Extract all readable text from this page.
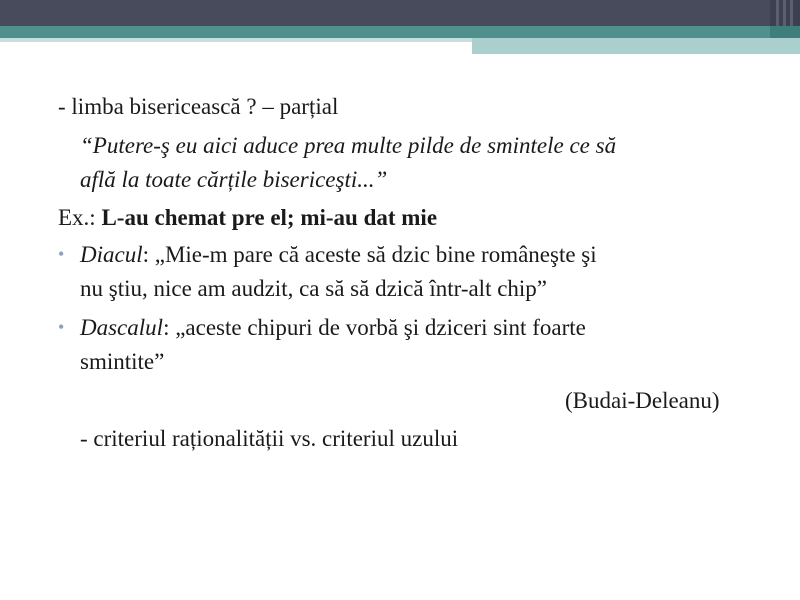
- limba bisericească ? – parțial
“Putere-ş eu aici aduce prea multe pilde de smintele ce să
află la toate cărțile bisericeşti...”
Ex.: L-au chemat pre el; mi-au dat mie
• Diacul: „Mie-m pare că aceste să dzic bine româneşte şi
nu ştiu, nice am audzit, ca să să dzică într-alt chip”
• Dascalul: „aceste chipuri de vorbă şi dziceri sint foarte
smintite”
(Budai-Deleanu)
- criteriul raționalității vs. criteriul uzului
